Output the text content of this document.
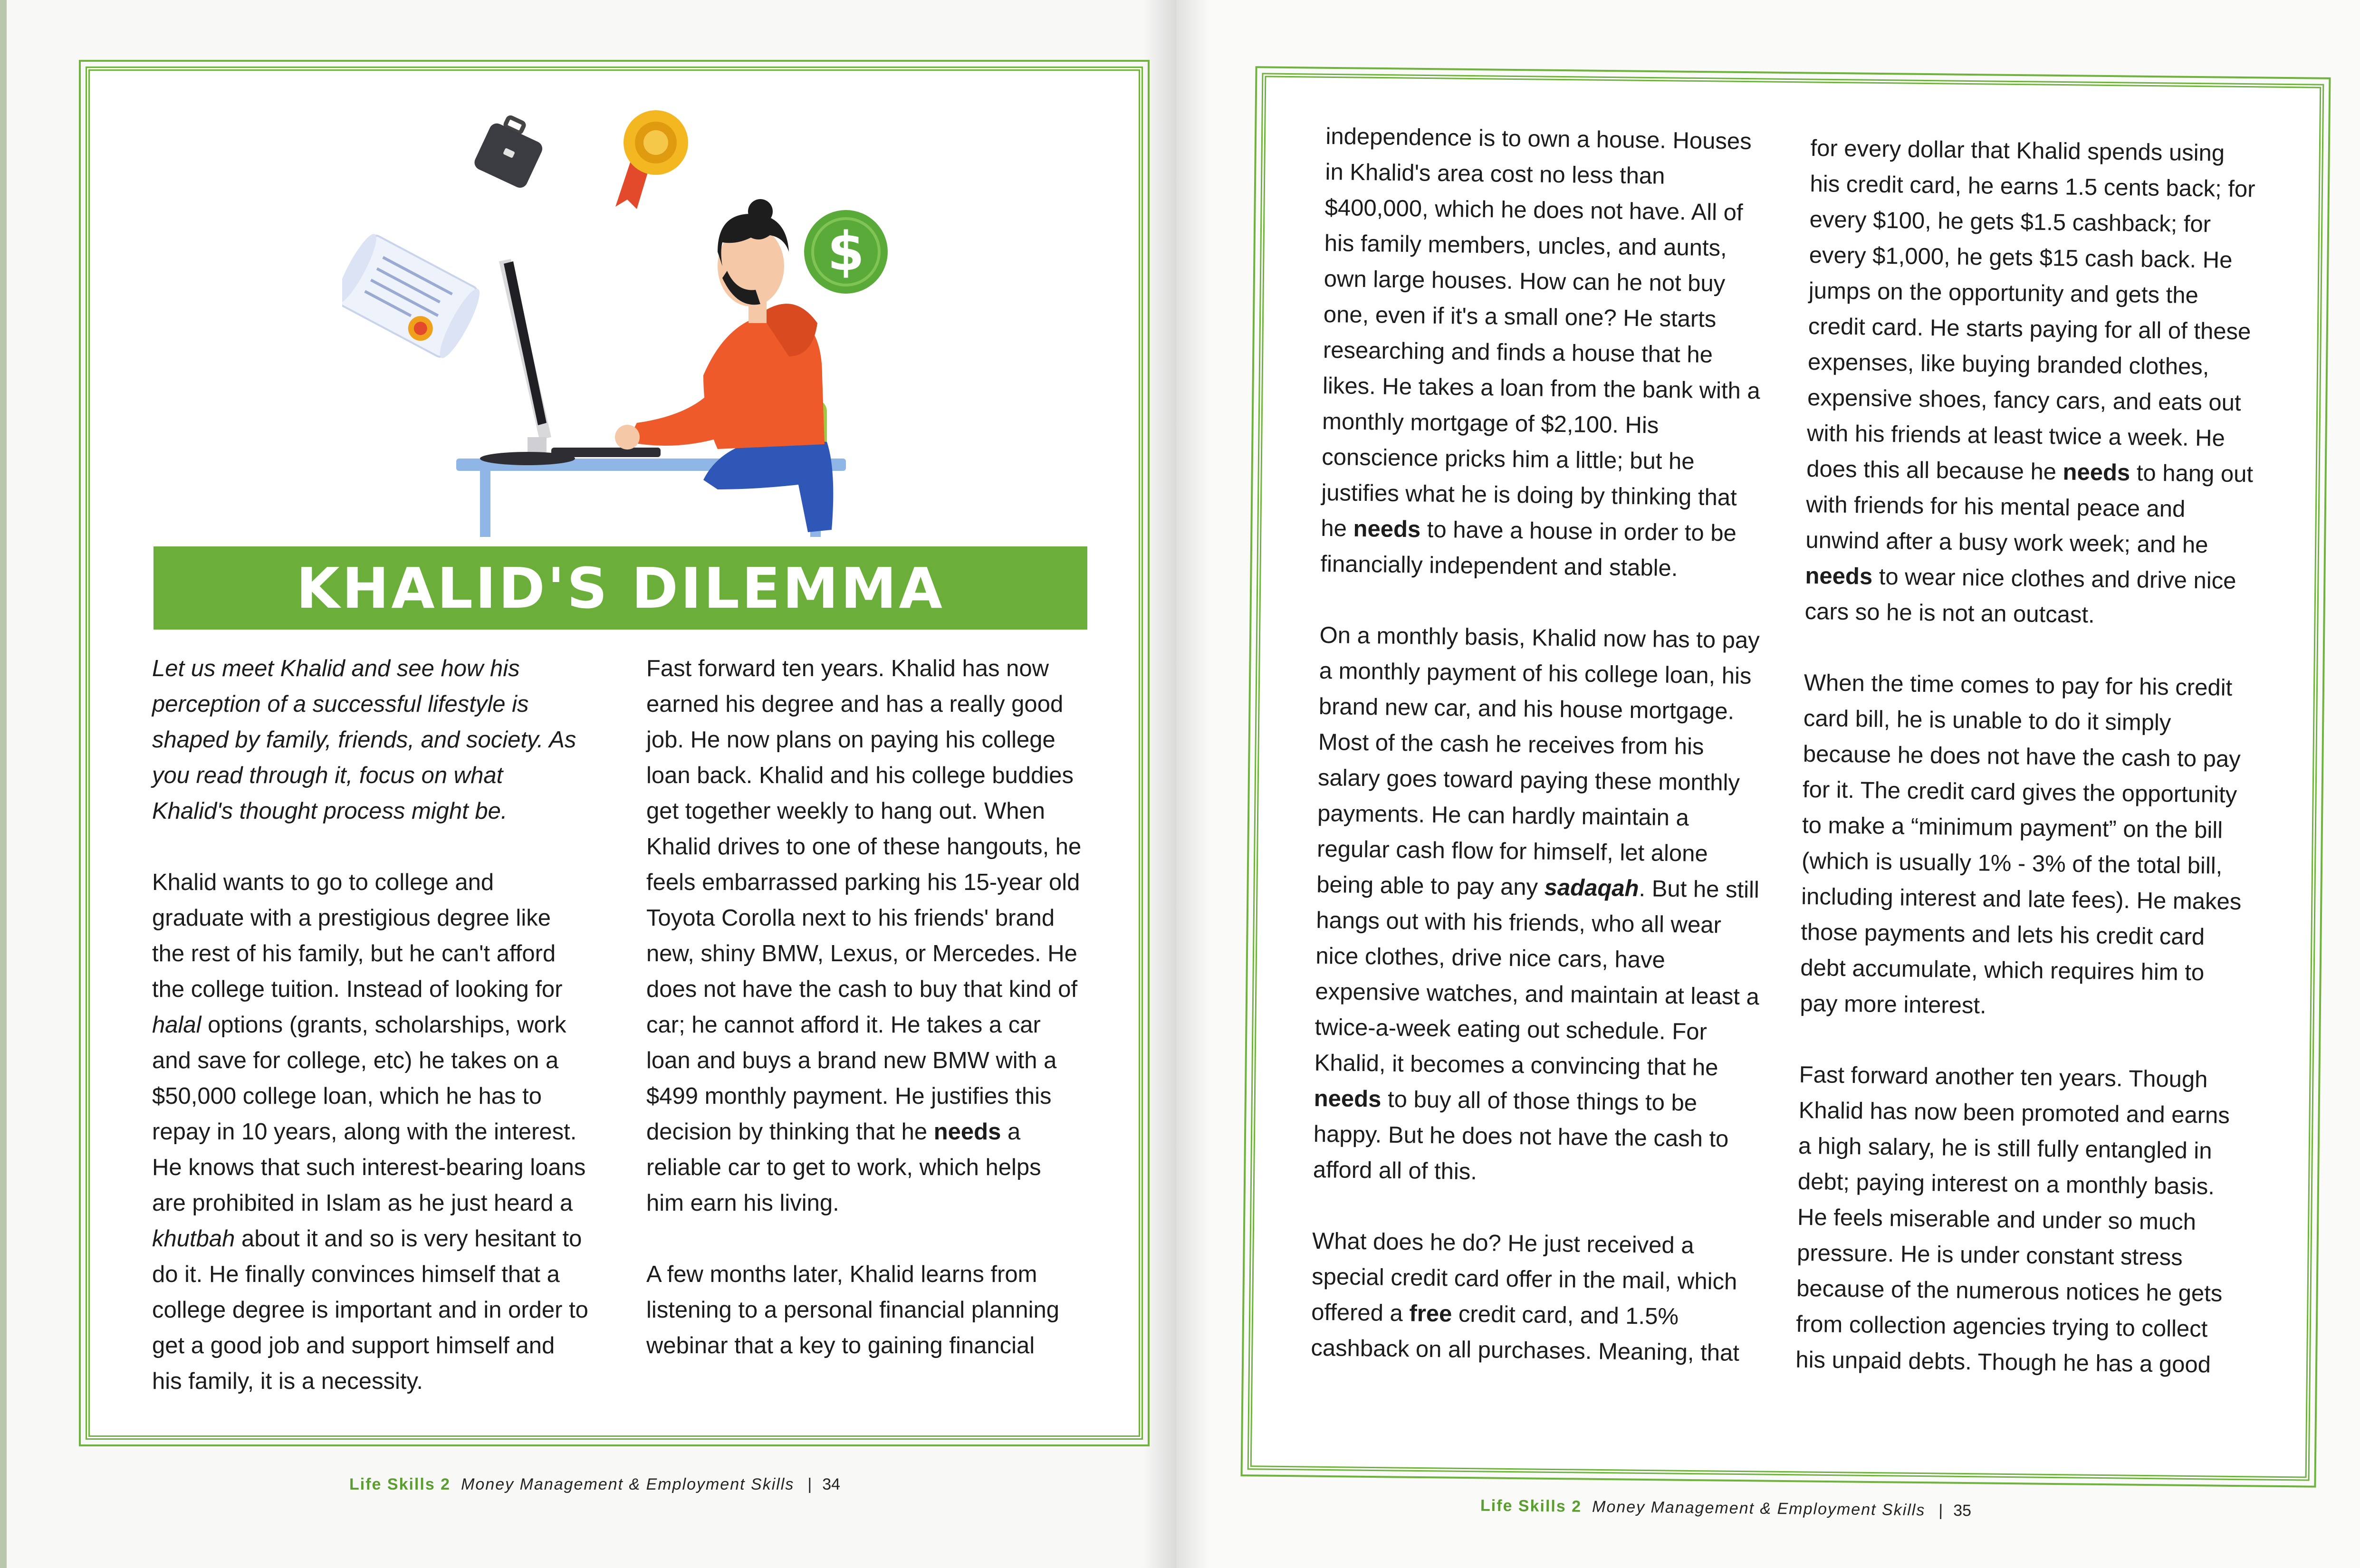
$
KHALID'S DILEMMA

Let us meet Khalid and see how his perception of a successful lifestyle is shaped by family, friends, and society. As you read through it, focus on what Khalid's thought process might be.

Khalid wants to go to college and graduate with a prestigious degree like the rest of his family, but he can't afford the college tuition. Instead of looking for halal options (grants, scholarships, work and save for college, etc) he takes on a $50,000 college loan, which he has to repay in 10 years, along with the interest. He knows that such interest-bearing loans are prohibited in Islam as he just heard a khutbah about it and so is very hesitant to do it. He finally convinces himself that a college degree is important and in order to get a good job and support himself and his family, it is a necessity.

Fast forward ten years. Khalid has now earned his degree and has a really good job. He now plans on paying his college loan back. Khalid and his college buddies get together weekly to hang out. When Khalid drives to one of these hangouts, he feels embarrassed parking his 15-year old Toyota Corolla next to his friends' brand new, shiny BMW, Lexus, or Mercedes. He does not have the cash to buy that kind of car; he cannot afford it. He takes a car loan and buys a brand new BMW with a $499 monthly payment. He justifies this decision by thinking that he needs a reliable car to get to work, which helps him earn his living.

A few months later, Khalid learns from listening to a personal financial planning webinar that a key to gaining financial

Life Skills 2 Money Management & Employment Skills | 34

independence is to own a house. Houses in Khalid's area cost no less than $400,000, which he does not have. All of his family members, uncles, and aunts, own large houses. How can he not buy one, even if it's a small one? He starts researching and finds a house that he likes. He takes a loan from the bank with a monthly mortgage of $2,100. His conscience pricks him a little; but he justifies what he is doing by thinking that he needs to have a house in order to be financially independent and stable.

On a monthly basis, Khalid now has to pay a monthly payment of his college loan, his brand new car, and his house mortgage. Most of the cash he receives from his salary goes toward paying these monthly payments. He can hardly maintain a regular cash flow for himself, let alone being able to pay any sadaqah. But he still hangs out with his friends, who all wear nice clothes, drive nice cars, have expensive watches, and maintain at least a twice-a-week eating out schedule. For Khalid, it becomes a convincing that he needs to buy all of those things to be happy. But he does not have the cash to afford all of this.

What does he do? He just received a special credit card offer in the mail, which offered a free credit card, and 1.5% cashback on all purchases. Meaning, that

for every dollar that Khalid spends using his credit card, he earns 1.5 cents back; for every $100, he gets $1.5 cashback; for every $1,000, he gets $15 cash back. He jumps on the opportunity and gets the credit card. He starts paying for all of these expenses, like buying branded clothes, expensive shoes, fancy cars, and eats out with his friends at least twice a week. He does this all because he needs to hang out with friends for his mental peace and unwind after a busy work week; and he needs to wear nice clothes and drive nice cars so he is not an outcast.

When the time comes to pay for his credit card bill, he is unable to do it simply because he does not have the cash to pay for it. The credit card gives the opportunity to make a “minimum payment” on the bill (which is usually 1% - 3% of the total bill, including interest and late fees). He makes those payments and lets his credit card debt accumulate, which requires him to pay more interest.

Fast forward another ten years. Though Khalid has now been promoted and earns a high salary, he is still fully entangled in debt; paying interest on a monthly basis. He feels miserable and under so much pressure. He is under constant stress because of the numerous notices he gets from collection agencies trying to collect his unpaid debts. Though he has a good

Life Skills 2 Money Management & Employment Skills | 35
